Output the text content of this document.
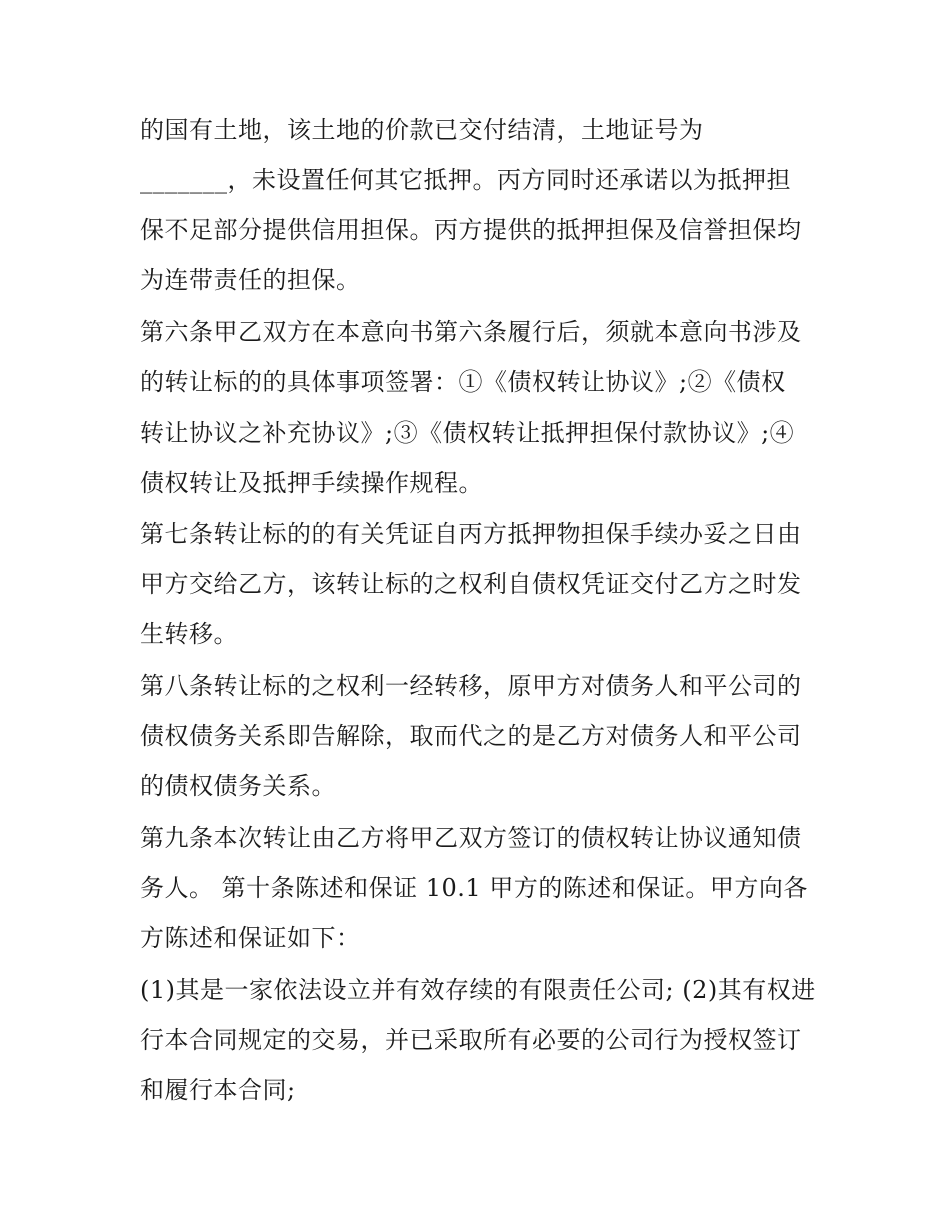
的国有土地，该土地的价款已交付结清，土地证号为
_______，未设置任何其它抵押。丙方同时还承诺以为抵押担
保不足部分提供信用担保。丙方提供的抵押担保及信誉担保均
为连带责任的担保。
第六条甲乙双方在本意向书第六条履行后，须就本意向书涉及
的转让标的的具体事项签署：①《债权转让协议》;②《债权
转让协议之补充协议》;③《债权转让抵押担保付款协议》;④
债权转让及抵押手续操作规程。
第七条转让标的的有关凭证自丙方抵押物担保手续办妥之日由
甲方交给乙方，该转让标的之权利自债权凭证交付乙方之时发
生转移。
第八条转让标的之权利一经转移，原甲方对债务人和平公司的
债权债务关系即告解除，取而代之的是乙方对债务人和平公司
的债权债务关系。
第九条本次转让由乙方将甲乙双方签订的债权转让协议通知债
务人。 第十条陈述和保证 10.1 甲方的陈述和保证。甲方向各
方陈述和保证如下：
(1)其是一家依法设立并有效存续的有限责任公司; (2)其有权进
行本合同规定的交易，并已采取所有必要的公司行为授权签订
和履行本合同;
